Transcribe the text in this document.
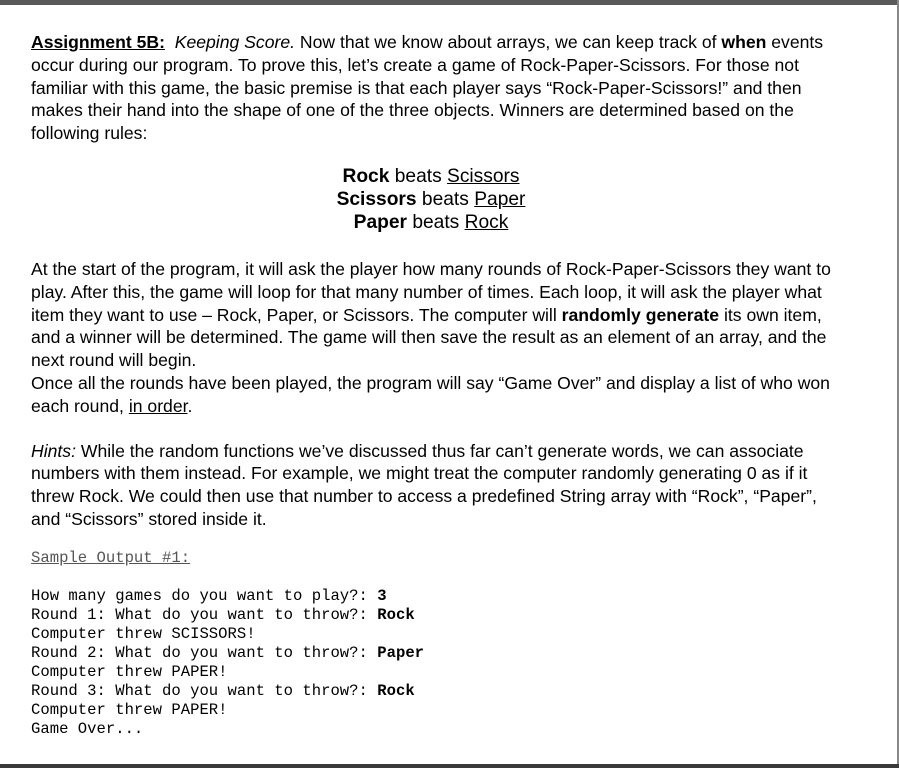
Assignment 5B: Keeping Score. Now that we know about arrays, we can keep track of when events occur during our program. To prove this, let’s create a game of Rock-Paper-Scissors. For those not familiar with this game, the basic premise is that each player says “Rock-Paper-Scissors!” and then makes their hand into the shape of one of the three objects. Winners are determined based on the following rules:

Rock beats Scissors
Scissors beats Paper
Paper beats Rock

At the start of the program, it will ask the player how many rounds of Rock-Paper-Scissors they want to play. After this, the game will loop for that many number of times. Each loop, it will ask the player what item they want to use – Rock, Paper, or Scissors. The computer will randomly generate its own item, and a winner will be determined. The game will then save the result as an element of an array, and the next round will begin.

Once all the rounds have been played, the program will say “Game Over” and display a list of who won each round, in order.

Hints: While the random functions we’ve discussed thus far can’t generate words, we can associate numbers with them instead. For example, we might treat the computer randomly generating 0 as if it threw Rock. We could then use that number to access a predefined String array with “Rock”, “Paper”, and “Scissors” stored inside it.

Sample Output #1:

How many games do you want to play?: 3

Round 1: What do you want to throw?: Rock

Computer threw SCISSORS!

Round 2: What do you want to throw?: Paper

Computer threw PAPER!

Round 3: What do you want to throw?: Rock

Computer threw PAPER!

Game Over...
